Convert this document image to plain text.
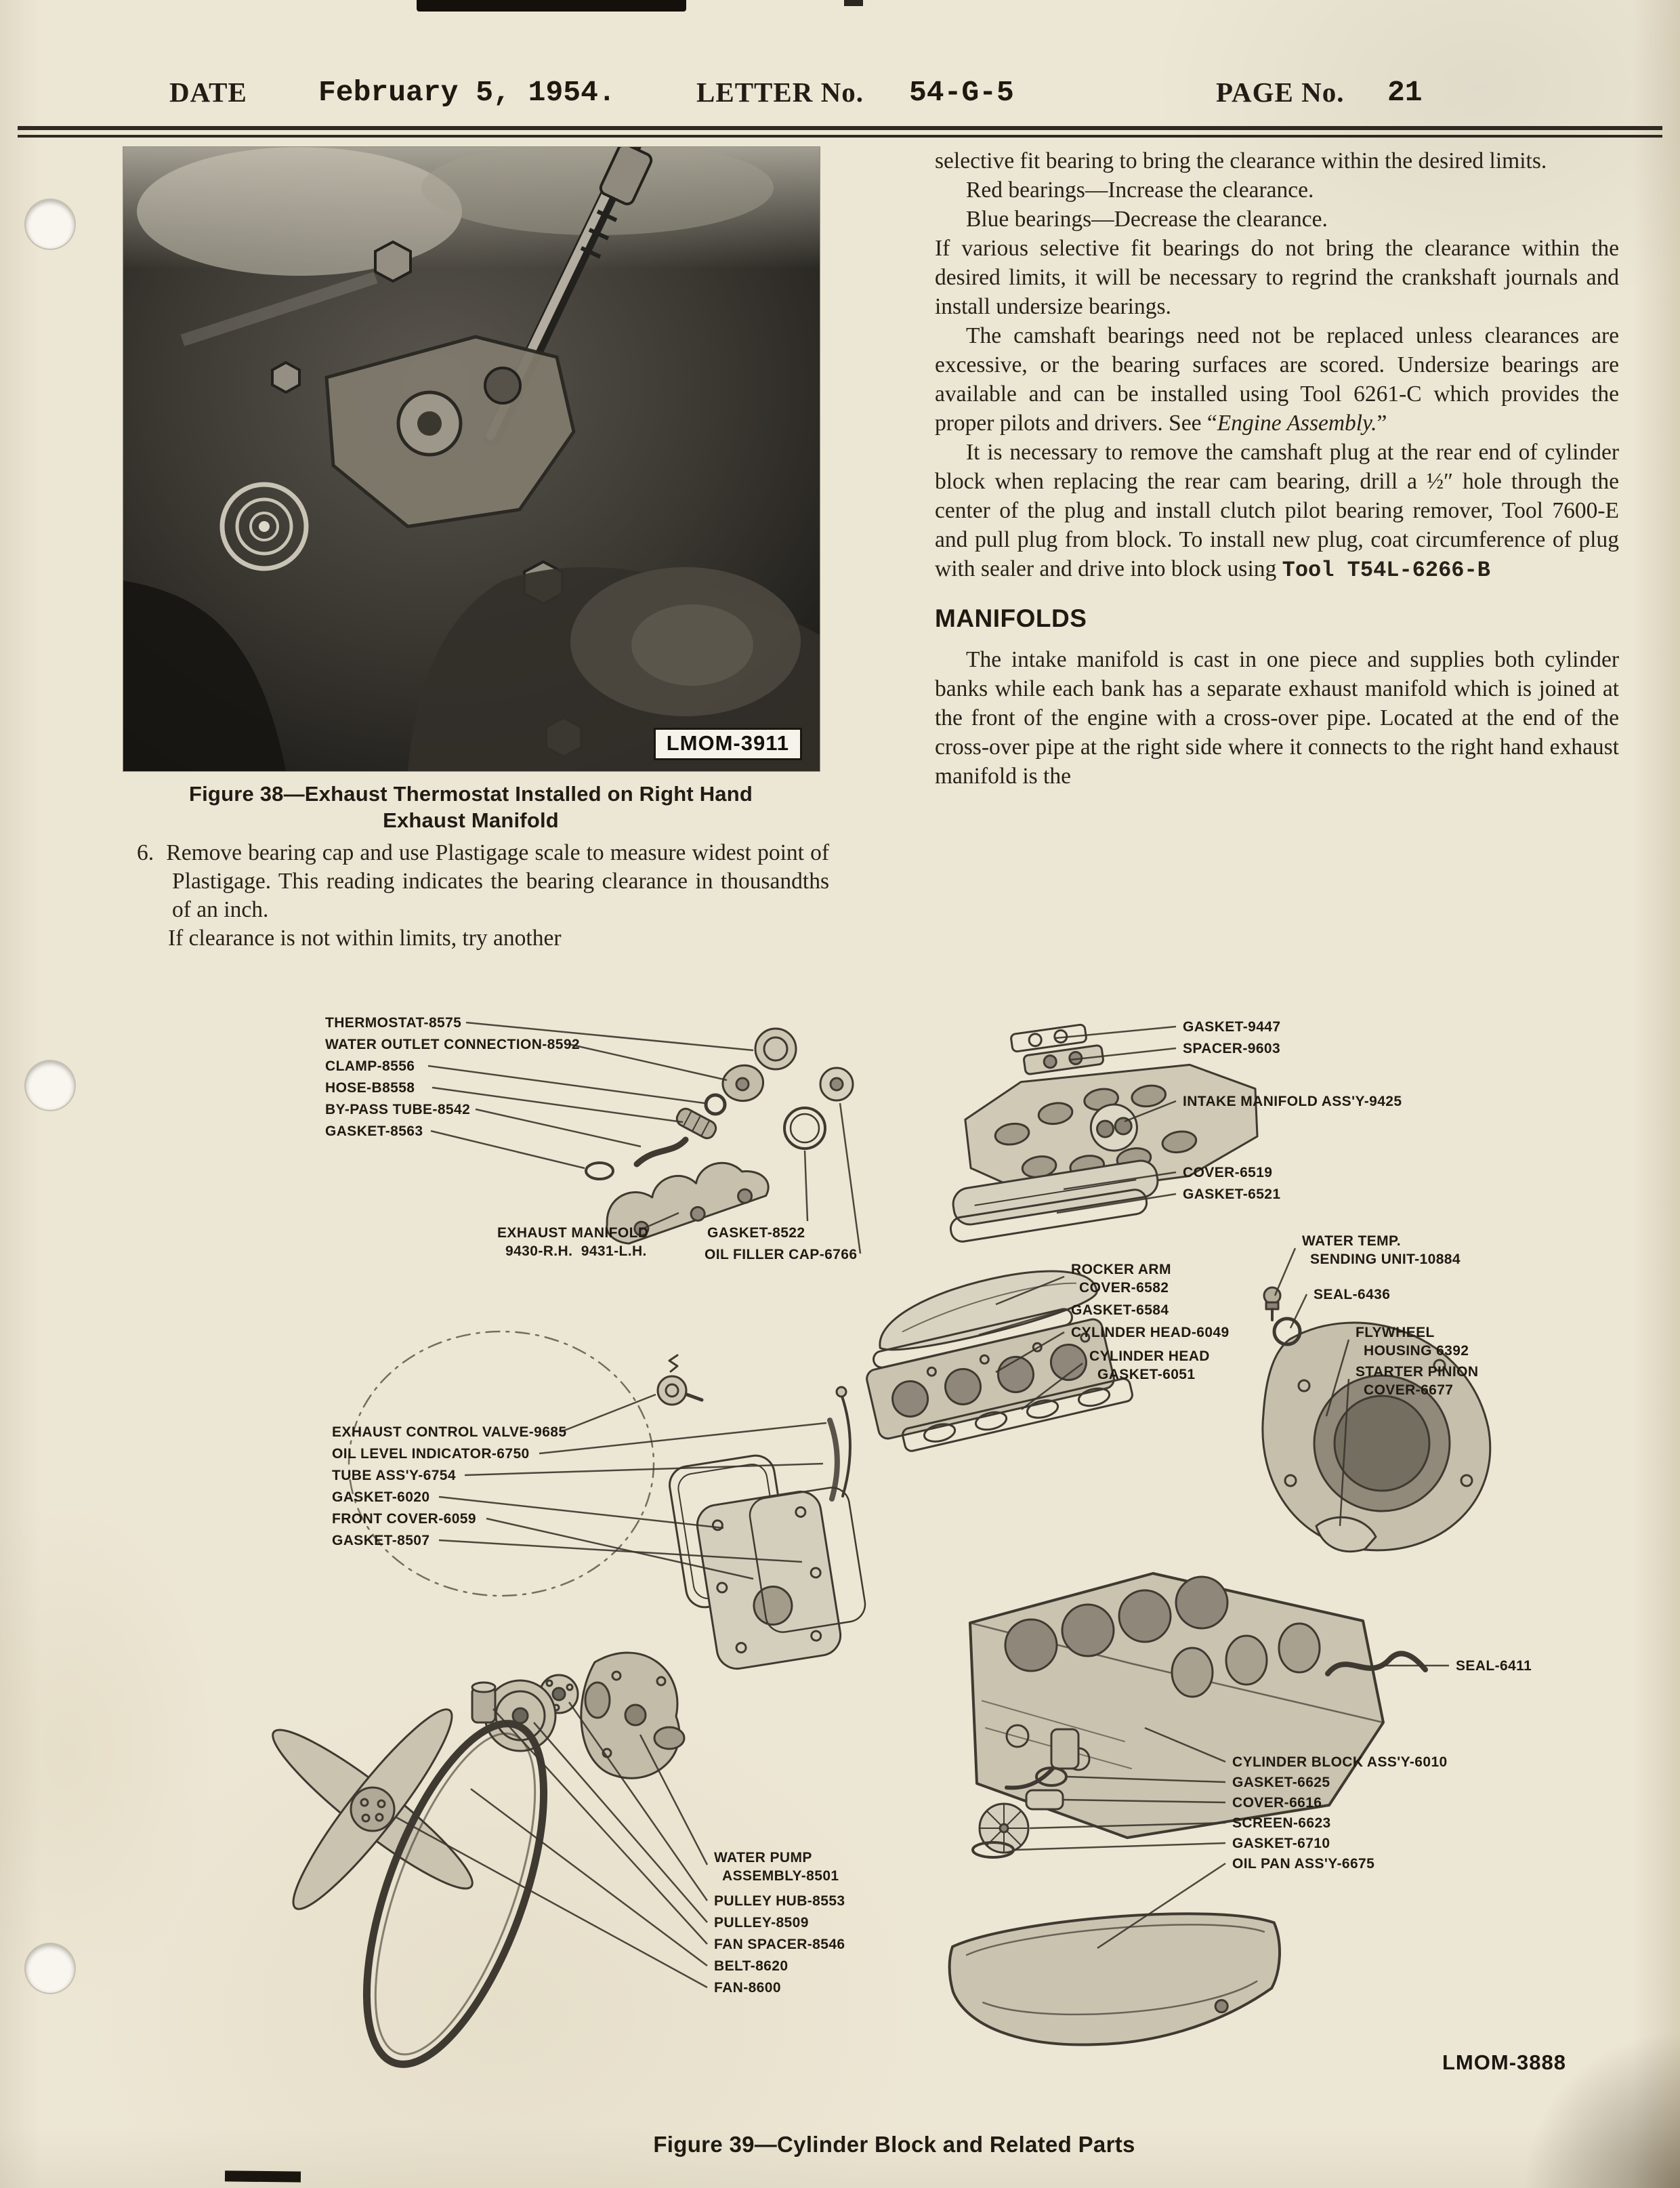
DATE February 5, 1954.	LETTER No. 54-G-5	PAGE No. 21
LMOM-3911
Figure 38—Exhaust Thermostat Installed on Right Hand
Exhaust Manifold

6.  Remove bearing cap and use Plastigage scale to measure widest point of Plastigage. This reading indicates the bearing clearance in thousandths of an inch.

If clearance is not within limits, try another

selective fit bearing to bring the clearance within the desired limits.

Red bearings—Increase the clearance.

Blue bearings—Decrease the clearance.

If various selective fit bearings do not bring the clearance within the desired limits, it will be necessary to regrind the crankshaft journals and install undersize bearings.

The camshaft bearings need not be replaced unless clearances are excessive, or the bearing surfaces are scored. Undersize bearings are available and can be installed using Tool 6261-C which provides the proper pilots and drivers. See “Engine Assembly.”

It is necessary to remove the camshaft plug at the rear end of cylinder block when replacing the rear cam bearing, drill a ½″ hole through the center of the plug and install clutch pilot bearing remover, Tool 7600-E and pull plug from block. To install new plug, coat circumference of plug with sealer and drive into block using Tool T54L-6266-B

MANIFOLDS

The intake manifold is cast in one piece and supplies both cylinder banks while each bank has a separate exhaust manifold which is joined at the front of the engine with a cross-over pipe. Located at the end of the cross-over pipe at the right side where it connects to the right hand exhaust manifold is the

THERMOSTAT-8575
WATER OUTLET CONNECTION-8592
CLAMP-8556
HOSE-B8558
BY-PASS TUBE-8542
GASKET-8563
EXHAUST MANIFOLD
9430-R.H.  9431-L.H.
GASKET-8522
OIL FILLER CAP-6766
EXHAUST CONTROL VALVE-9685
OIL LEVEL INDICATOR-6750
TUBE ASS'Y-6754
GASKET-6020
FRONT COVER-6059
GASKET-8507
WATER PUMP
ASSEMBLY-8501
PULLEY HUB-8553
PULLEY-8509
FAN SPACER-8546
BELT-8620
FAN-8600
GASKET-9447
SPACER-9603
INTAKE MANIFOLD ASS'Y-9425
COVER-6519
GASKET-6521
ROCKER ARM
COVER-6582
GASKET-6584
CYLINDER HEAD-6049
CYLINDER HEAD
GASKET-6051
WATER TEMP.
SENDING UNIT-10884
SEAL-6436
FLYWHEEL
HOUSING 6392
STARTER PINION
COVER-6677
SEAL-6411
CYLINDER BLOCK ASS'Y-6010
GASKET-6625
COVER-6616
SCREEN-6623
GASKET-6710
OIL PAN ASS'Y-6675
LMOM-3888
Figure 39—Cylinder Block and Related Parts
